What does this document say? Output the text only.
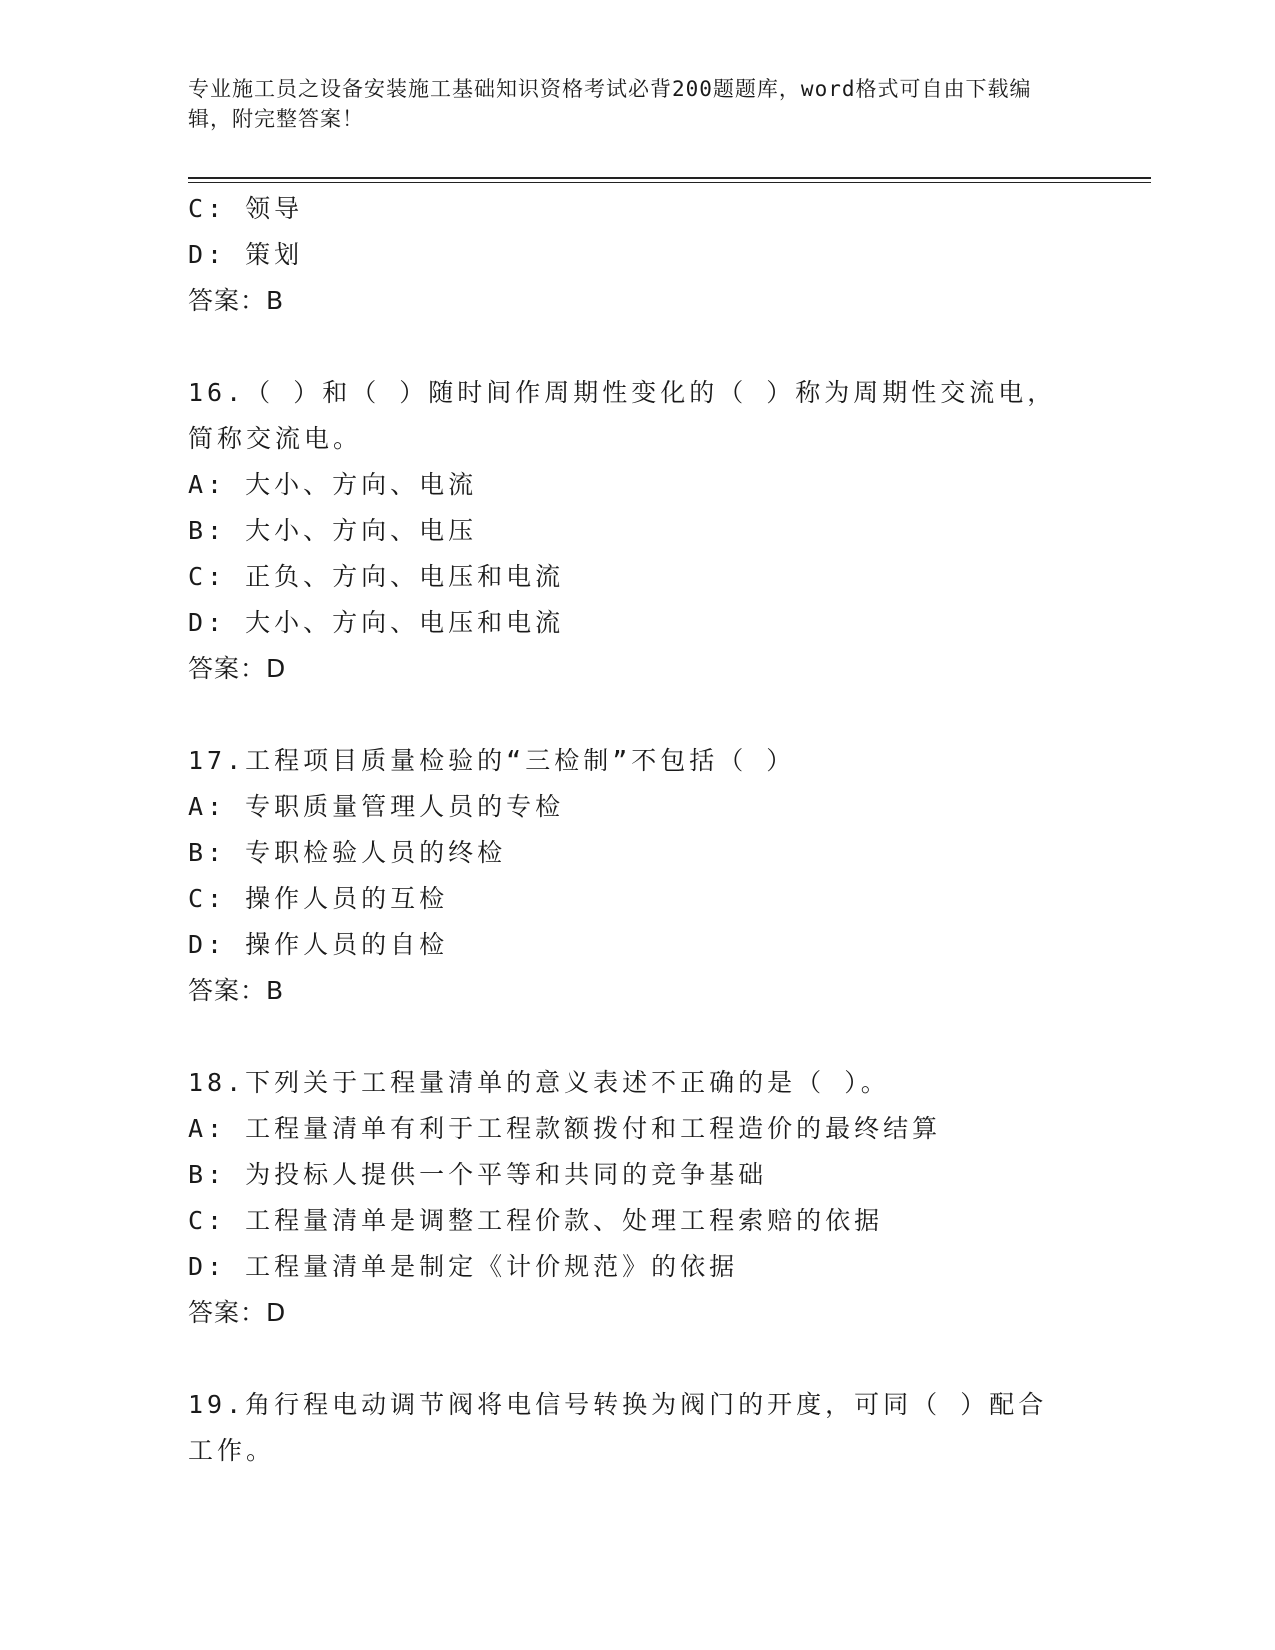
专业施工员之设备安装施工基础知识资格考试必背200题题库，word格式可自由下载编辑，附完整答案！

C: 领导
D: 策划
答案：B

16.（ ）和（ ）随时间作周期性变化的（ ）称为周期性交流电，简称交流电。

A: 大小、方向、电流
B: 大小、方向、电压
C: 正负、方向、电压和电流
D: 大小、方向、电压和电流
答案：D

17.工程项目质量检验的“三检制”不包括（ ）

A: 专职质量管理人员的专检
B: 专职检验人员的终检
C: 操作人员的互检
D: 操作人员的自检
答案：B

18.下列关于工程量清单的意义表述不正确的是（ ）。

A: 工程量清单有利于工程款额拨付和工程造价的最终结算
B: 为投标人提供一个平等和共同的竞争基础
C: 工程量清单是调整工程价款、处理工程索赔的依据
D: 工程量清单是制定《计价规范》的依据
答案：D

19.角行程电动调节阀将电信号转换为阀门的开度，可同（ ）配合工作。
